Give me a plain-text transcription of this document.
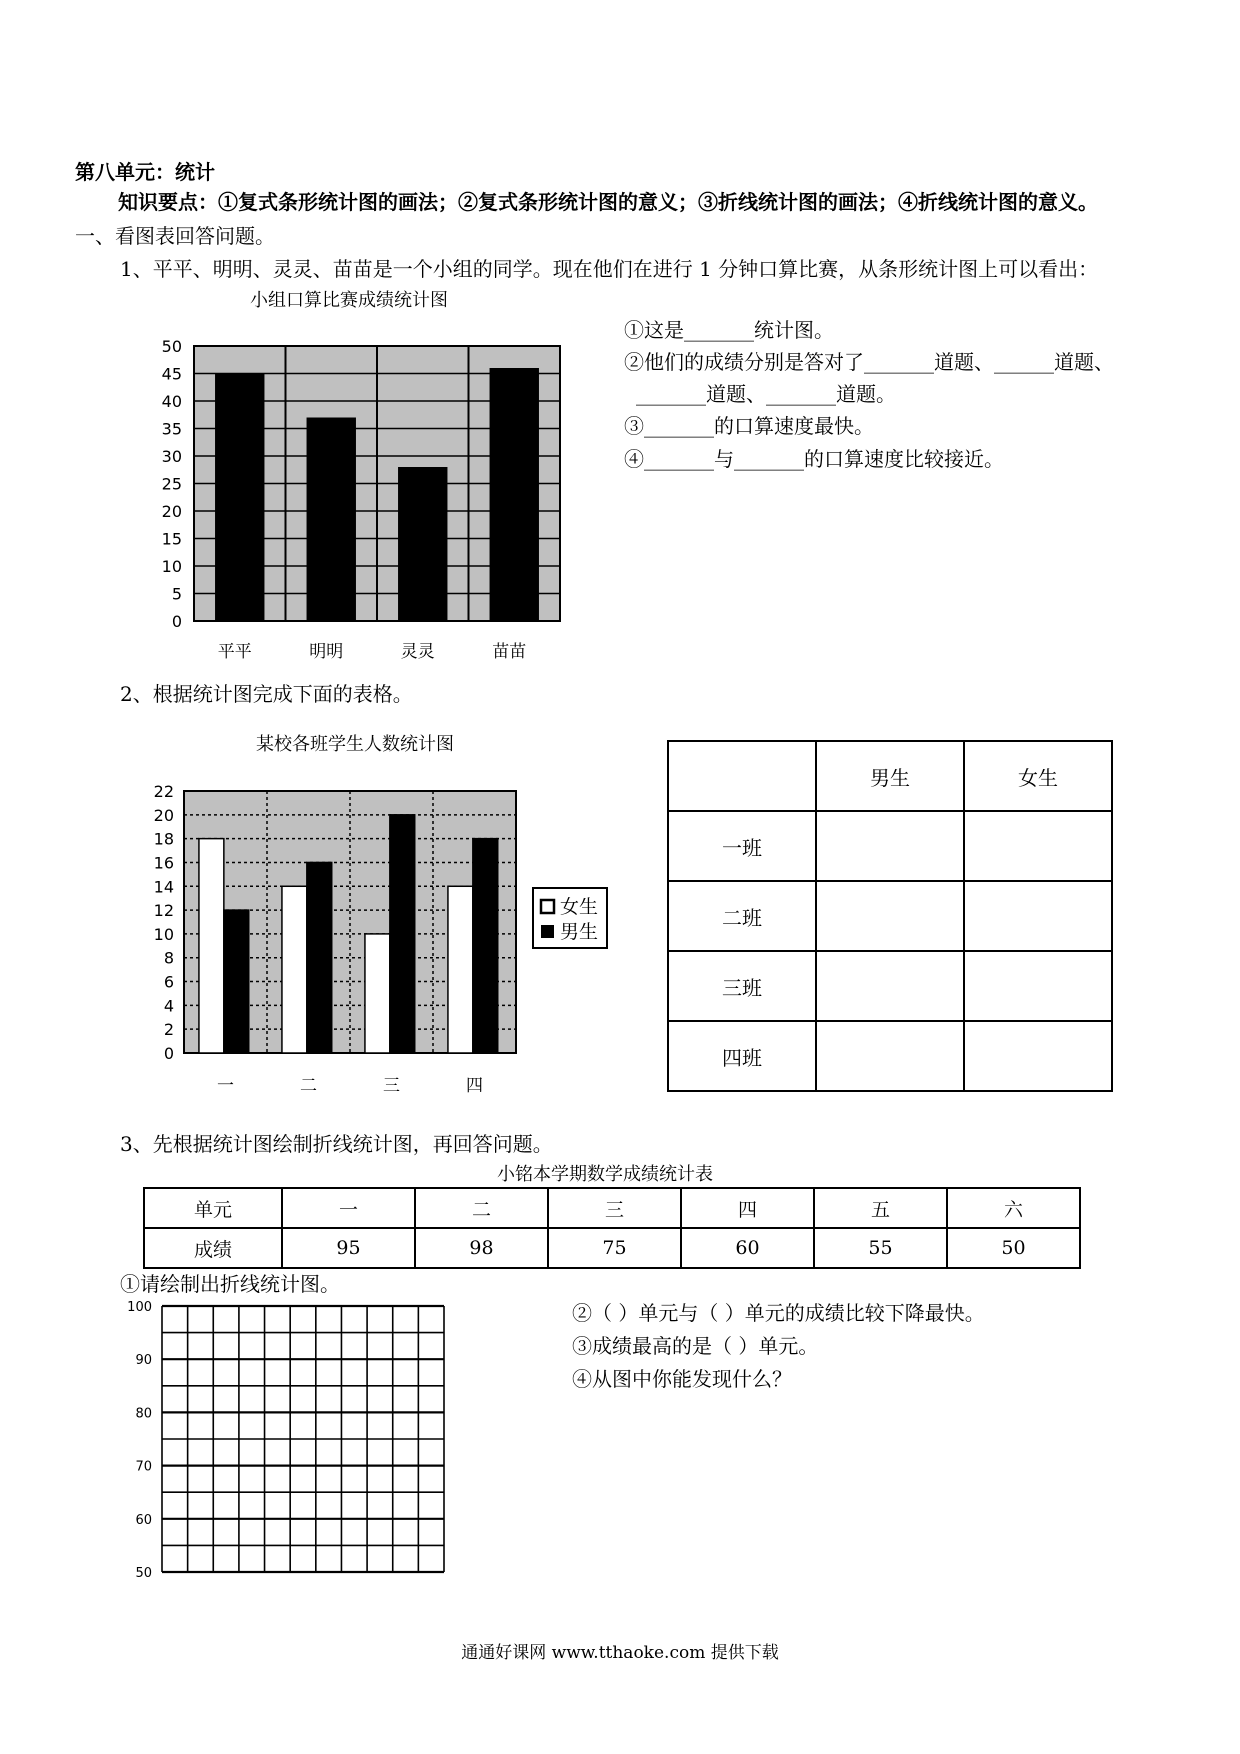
第八单元：统计
知识要点：①复式条形统计图的画法；②复式条形统计图的意义；③折线统计图的画法；④折线统计图的意义。
一、看图表回答问题。
1、平平、明明、灵灵、苗苗是一个小组的同学。现在他们在进行 1 分钟口算比赛，从条形统计图上可以看出：
小组口算比赛成绩统计图
0
5
10
15
20
25
30
35
40
45
50
平平	明明	灵灵	苗苗
①这是_______统计图。
②他们的成绩分别是答对了_______道题、______道题、
_______道题、_______道题。
③_______的口算速度最快。
④_______与_______的口算速度比较接近。
2、根据统计图完成下面的表格。
某校各班学生人数统计图
0
2
4
6
8
10
12
14
16
18
20
22
一	二	三	四
女生
男生
	男生	女生
一班		
二班		
三班		
四班		
3、先根据统计图绘制折线统计图，再回答问题。
小铭本学期数学成绩统计表
单元	一	二	三	四	五	六
成绩	95	98	75	60	55	50
①请绘制出折线统计图。
100
90
80
70
60
50
②（ ）单元与（ ）单元的成绩比较下降最快。
③成绩最高的是（ ）单元。
④从图中你能发现什么？
通通好课网 www.tthaoke.com 提供下载
